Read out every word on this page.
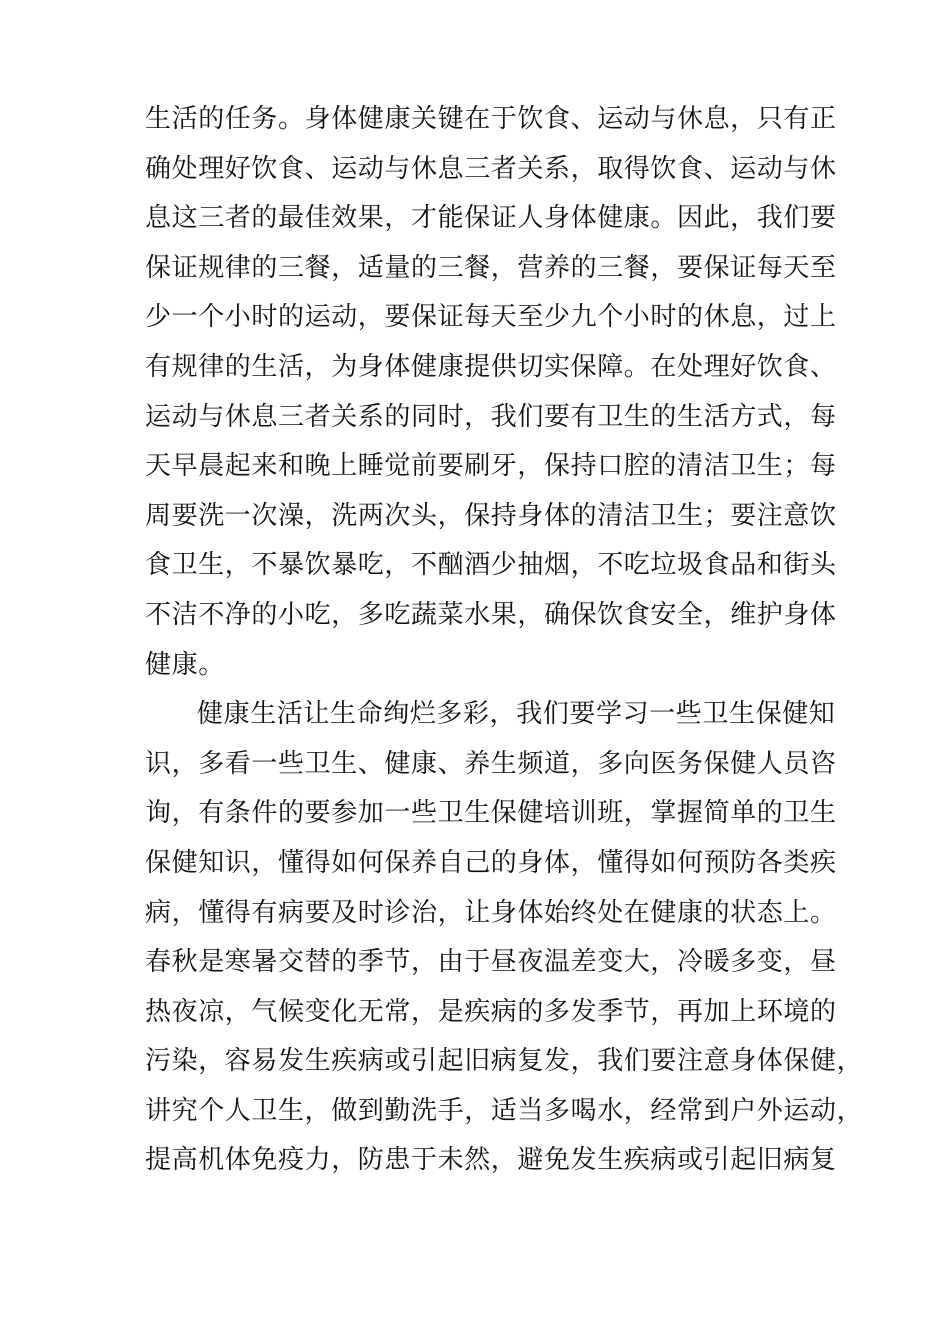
生活的任务。身体健康关键在于饮食、运动与休息，只有正
确处理好饮食、运动与休息三者关系，取得饮食、运动与休
息这三者的最佳效果，才能保证人身体健康。因此，我们要
保证规律的三餐，适量的三餐，营养的三餐，要保证每天至
少一个小时的运动，要保证每天至少九个小时的休息，过上
有规律的生活，为身体健康提供切实保障。在处理好饮食、
运动与休息三者关系的同时，我们要有卫生的生活方式，每
天早晨起来和晚上睡觉前要刷牙，保持口腔的清洁卫生；每
周要洗一次澡，洗两次头，保持身体的清洁卫生；要注意饮
食卫生，不暴饮暴吃，不酗酒少抽烟，不吃垃圾食品和街头
不洁不净的小吃，多吃蔬菜水果，确保饮食安全，维护身体
健康。
健康生活让生命绚烂多彩，我们要学习一些卫生保健知
识，多看一些卫生、健康、养生频道，多向医务保健人员咨
询，有条件的要参加一些卫生保健培训班，掌握简单的卫生
保健知识，懂得如何保养自己的身体，懂得如何预防各类疾
病，懂得有病要及时诊治，让身体始终处在健康的状态上。
春秋是寒暑交替的季节，由于昼夜温差变大，冷暖多变，昼
热夜凉，气候变化无常，是疾病的多发季节，再加上环境的
污染，容易发生疾病或引起旧病复发，我们要注意身体保健，
讲究个人卫生，做到勤洗手，适当多喝水，经常到户外运动，
提高机体免疫力，防患于未然，避免发生疾病或引起旧病复
